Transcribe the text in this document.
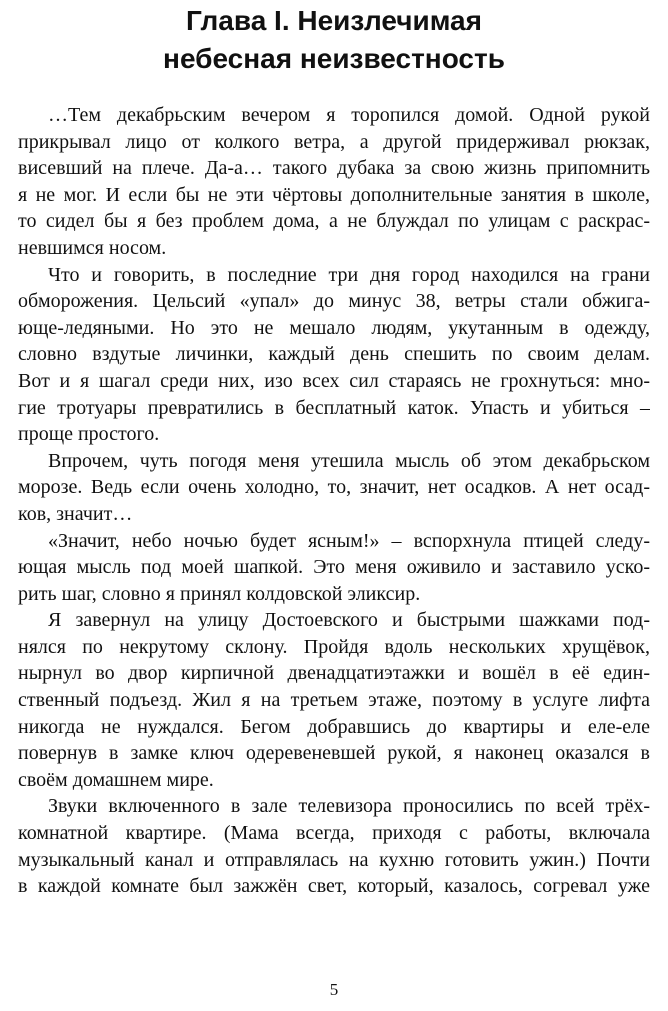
Глава I. Неизлечимая
небесная неизвестность

…Тем декабрьским вечером я торопился домой. Одной рукой
прикрывал лицо от колкого ветра, а другой придерживал рюкзак,
висевший на плече. Да-а… такого дубака за свою жизнь припомнить
я не мог. И если бы не эти чёртовы дополнительные занятия в школе,
то сидел бы я без проблем дома, а не блуждал по улицам с раскрас-
невшимся носом.

Что и говорить, в последние три дня город находился на грани
обморожения. Цельсий «упал» до минус 38, ветры стали обжига-
юще-ледяными. Но это не мешало людям, укутанным в одежду,
словно вздутые личинки, каждый день спешить по своим делам.
Вот и я шагал среди них, изо всех сил стараясь не грохнуться: мно-
гие тротуары превратились в бесплатный каток. Упасть и убиться –
проще простого.

Впрочем, чуть погодя меня утешила мысль об этом декабрьском
морозе. Ведь если очень холодно, то, значит, нет осадков. А нет осад-
ков, значит…

«Значит, небо ночью будет ясным!» – вспорхнула птицей следу-
ющая мысль под моей шапкой. Это меня оживило и заставило уско-
рить шаг, словно я принял колдовской эликсир.

Я завернул на улицу Достоевского и быстрыми шажками под-
нялся по некрутому склону. Пройдя вдоль нескольких хрущёвок,
нырнул во двор кирпичной двенадцатиэтажки и вошёл в её един-
ственный подъезд. Жил я на третьем этаже, поэтому в услуге лифта
никогда не нуждался. Бегом добравшись до квартиры и еле-еле
повернув в замке ключ одеревеневшей рукой, я наконец оказался в
своём домашнем мире.

Звуки включенного в зале телевизора проносились по всей трёх-
комнатной квартире. (Мама всегда, приходя с работы, включала
музыкальный канал и отправлялась на кухню готовить ужин.) Почти
в каждой комнате был зажжён свет, который, казалось, согревал уже

5
